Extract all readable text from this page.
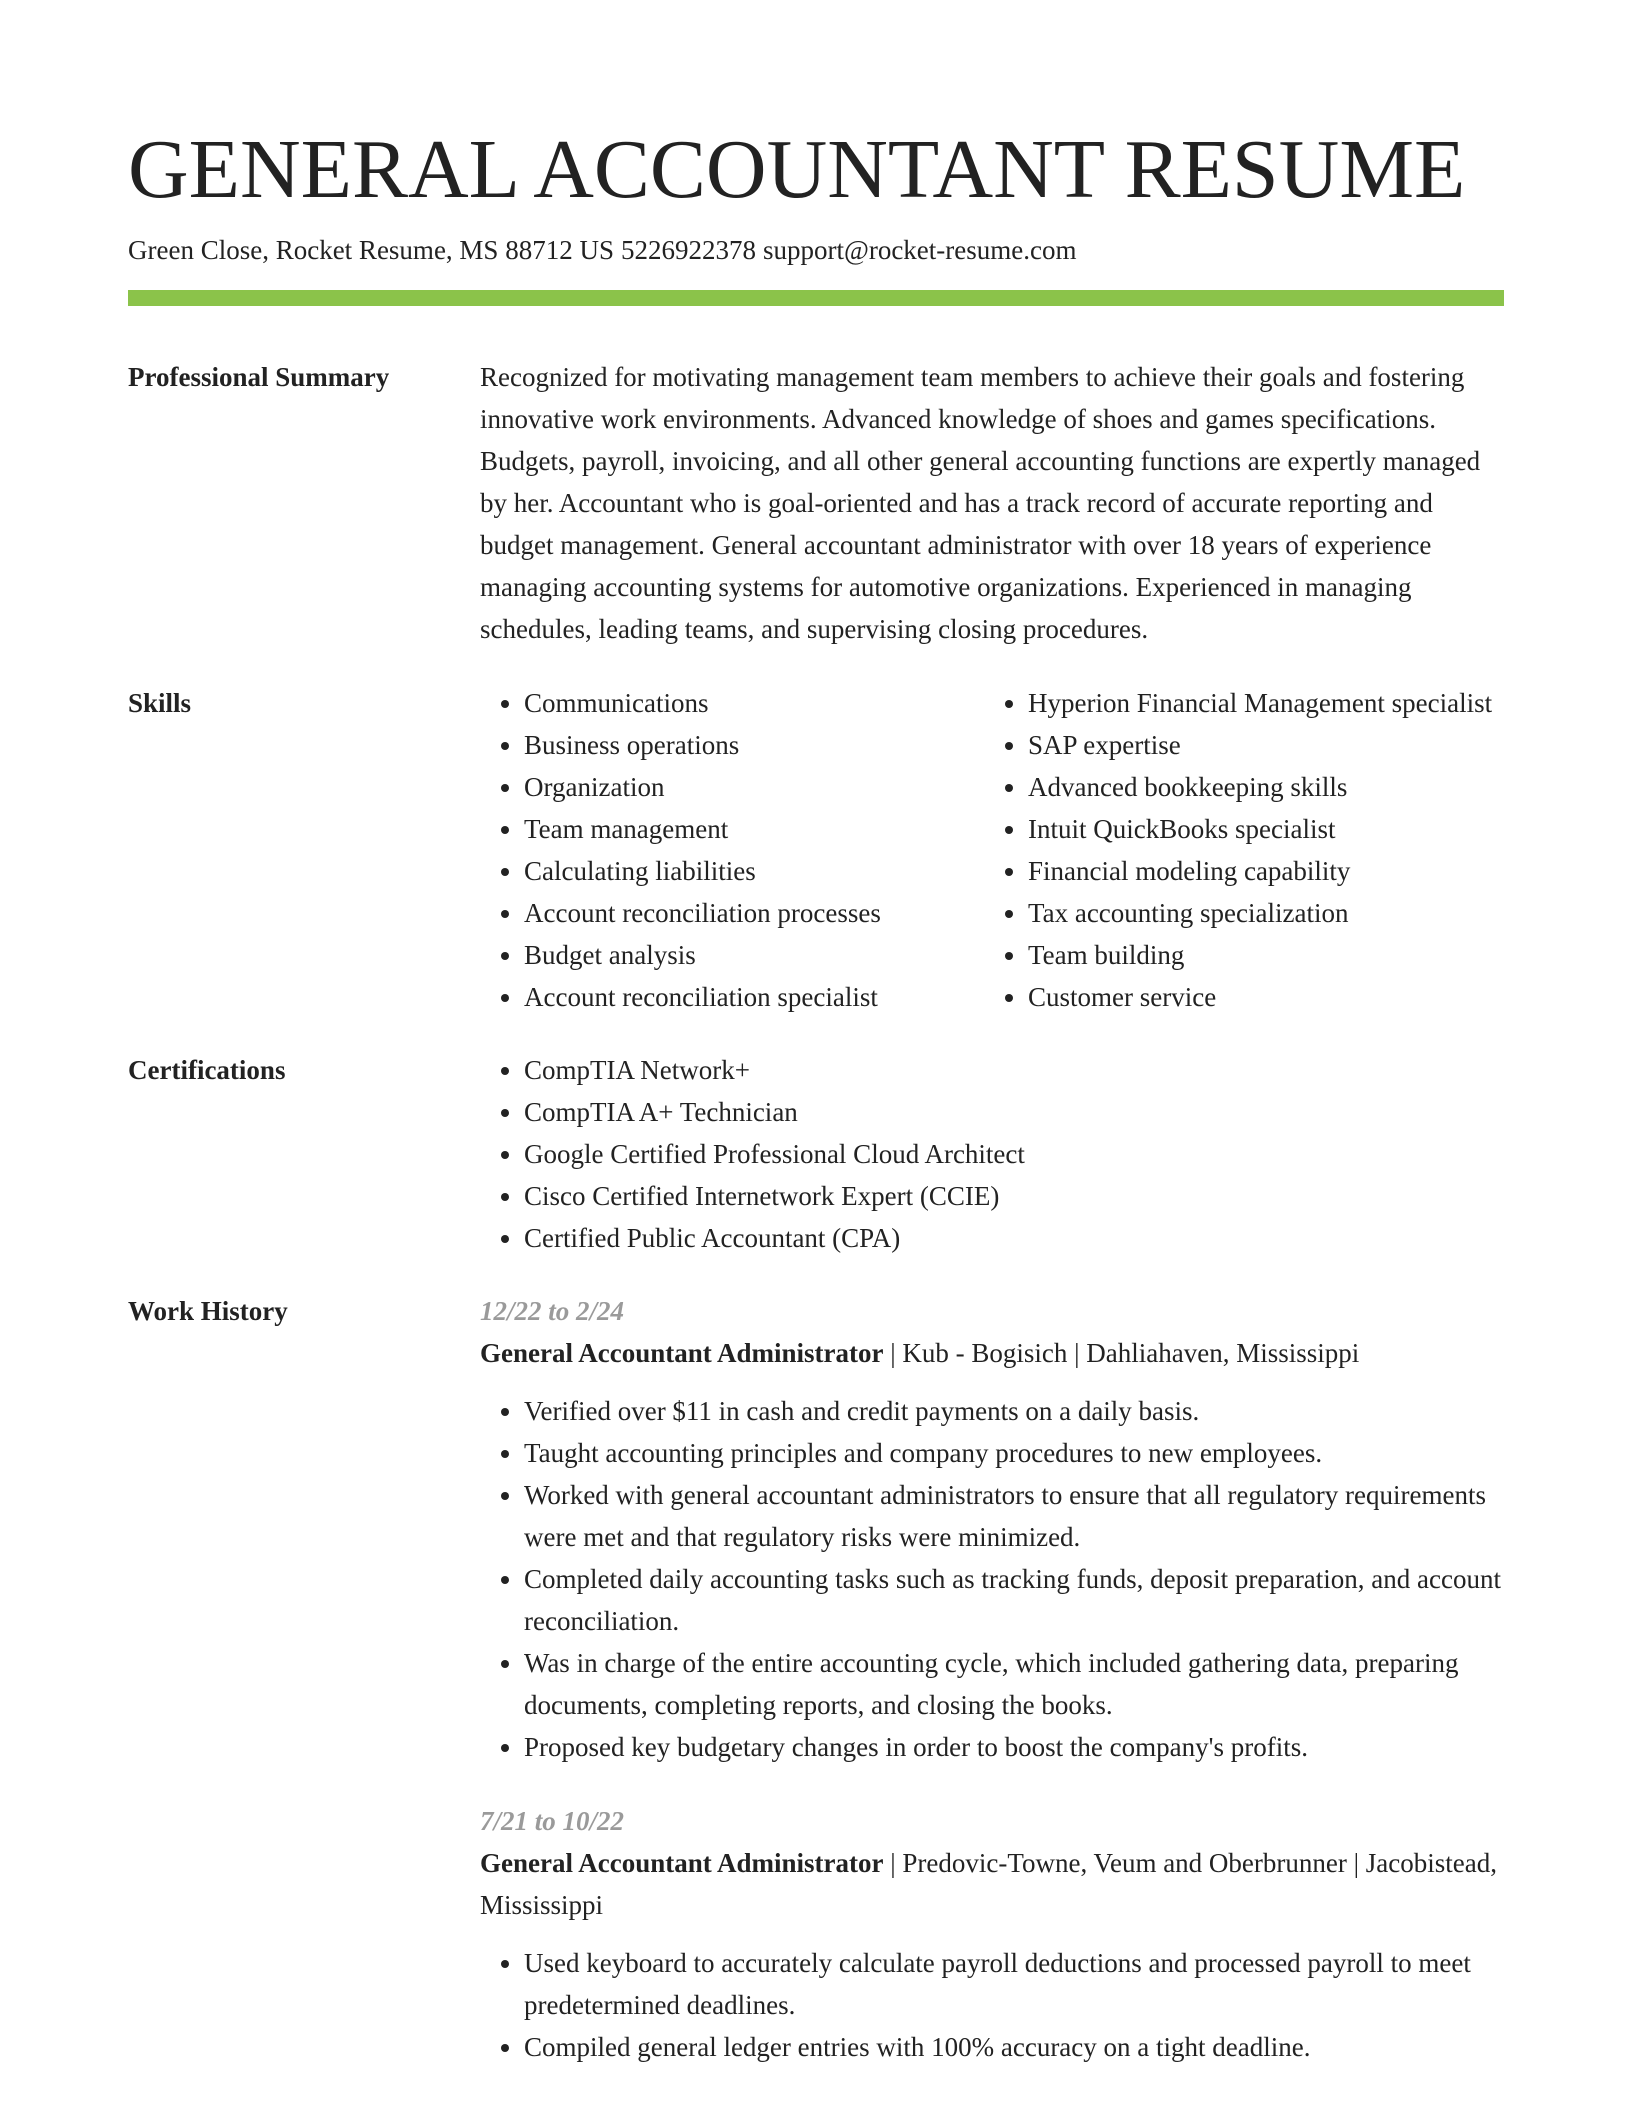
GENERAL ACCOUNTANT RESUME
Green Close, Rocket Resume, MS 88712 US 5226922378 support@rocket-resume.com
Professional Summary	Recognized for motivating management team members to achieve their goals and fostering innovative work environments. Advanced knowledge of shoes and games specifications. Budgets, payroll, invoicing, and all other general accounting functions are expertly managed by her. Accountant who is goal-oriented and has a track record of accurate reporting and budget management. General accountant administrator with over 18 years of experience managing accounting systems for automotive organizations. Experienced in managing schedules, leading teams, and supervising closing procedures.

Skills	• Communications
• Business operations
• Organization
• Team management
• Calculating liabilities
• Account reconciliation processes
• Budget analysis
• Account reconciliation specialist
• Hyperion Financial Management specialist
• SAP expertise
• Advanced bookkeeping skills
• Intuit QuickBooks specialist
• Financial modeling capability
• Tax accounting specialization
• Team building
• Customer service
Certifications	• CompTIA Network+
• CompTIA A+ Technician
• Google Certified Professional Cloud Architect
• Cisco Certified Internetwork Expert (CCIE)
• Certified Public Accountant (CPA)
Work History	12/22 to 2/24
General Accountant Administrator | Kub - Bogisich | Dahliahaven, Mississippi
• Verified over $11 in cash and credit payments on a daily basis.
• Taught accounting principles and company procedures to new employees.
• Worked with general accountant administrators to ensure that all regulatory requirements were met and that regulatory risks were minimized.
• Completed daily accounting tasks such as tracking funds, deposit preparation, and account reconciliation.
• Was in charge of the entire accounting cycle, which included gathering data, preparing documents, completing reports, and closing the books.
• Proposed key budgetary changes in order to boost the company's profits.
7/21 to 10/22
General Accountant Administrator | Predovic-Towne, Veum and Oberbrunner | Jacobistead, Mississippi
• Used keyboard to accurately calculate payroll deductions and processed payroll to meet predetermined deadlines.
• Compiled general ledger entries with 100% accuracy on a tight deadline.
